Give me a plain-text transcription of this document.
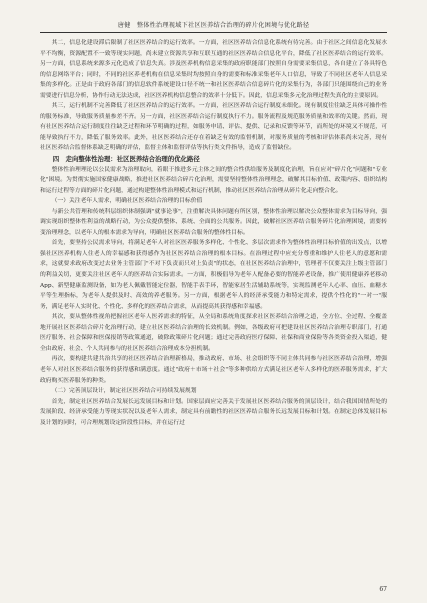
唐健　整体性治理视域下社区医养结合治理的碎片化困境与优化路径

其二，信息化建设滞后限制了社区医养结合的运行效率。一方面，社区医养结合信息化系统有待完善。由于社区之间信息化发展水平不均衡，资源配置不一致等现实问题，尚未建立资源共享和互联互通的社区医养结合信息化平台，降低了社区医养结合的运行效率。另一方面，信息系统来源多元化造成了信息失真。涉及医养机构信息采集的政府职能部门按照自身需要采集信息，各自建立了各具特色的信息网络平台；同时，不同的社区养老机构在信息采集时均按照自身的需要和标准采集老年人口信息，导致了不同社区老年人信息采集的多样化。正是由于政府各部门的信息软件系统建设口径不统一和社区医养结合信息碎片化的采集行为，各部门只能围绕自己的业务需要进行信息分析，协作行动无法达成，社区医养机构信息整合的效率十分低下。因此，信息采集多元化治理过程失真化的主要原因。

其三，运行机制不完善降低了社区医养结合的运行效率。一方面，社区医养结合运行制度未细化。现有制度往往缺乏具体可操作性的服务标准，导致服务质量参差不齐。另一方面，社区医养结合运行制度执行不力。服务流程及规范服务质量和效率的关键。然而，现有社区医养结合运行制度往往缺乏过程和环节明确的过程，如服务申请、评估、提供、记录和反馈等环节，而所处的环境又不规范，可能导致执行不力，降低了服务效率。此外，社区医养结合还存在着缺乏有效的监督机制，对服务质量的考核和评估体系尚未完善，现有社区医养结合监督体系缺乏明确的评估，监督主体和监督评估等执行类文件指导，造成了监督缺位。

四　走向整体性治理：社区医养结合治理的优化路径

整体性治理理论以公民需求为治理取向，着眼于推进多元主体之间的整合性供给服务及制度化治理，旨在应对"碎片化"问题和"专业化"困境。为贯彻实施国家健康战略，推进社区医养结合碎片化治理，需要坚持整体性治理理念，破解其目标价值、政策内容、组织结构和运行过程等方面的碎片化问题，通过构建整体性治理模式和运行机制，推动社区医养结合治理从碎片化走向整合化。

（一）关注老年人需求，明确社区医养结合治理的目标价值

与新公共管理和传统科层组织体制强调"就事论事"，注重解决具体问题有所区别，整体性治理以解决公众整体需求为目标导向，强调实现组织整体性利益的战略行动，为公众提供整体、系统、全面的公共服务。因此，破解社区医养结合服务碎片化治理困境，需要转变治理理念，以老年人的根本需求为导向，明确社区医养结合服务的整体性目标。

首先，要坚持公民需求导向，将满足老年人对社区医养服务多样化、个性化、多层次需求作为整体性治理目标价值的出发点，以增强社区医养机构人住老人的幸福感和获得感作为社区医养结合治理的根本目标。在治理过程中应充分尊重和维护人住老人的意愿和需求，这就要求政府改变过去业务主管部门"不对下负责而只对上负责"的状态，在社区医养结合治理中，管理者不仅要关注上级主管部门的利益关切，更要关注社区老年人的医养结合实际需求。一方面，积极倡导为老年人配备必要的智能养老设备，推广使用健康养老移动App、新型健康监测设备，如为老人佩戴智能定位器，智能手表手环，智能家居生活辅助系统等，实现监测老年人心率、血压、血糖水平等生理指标，为老年人提供及时、高效的养老服务。另一方面，根据老年人的经济承受能力和特定需求，提供个性化的"一对一"服务，满足老年人实时化、个性化、多样化的医养结合需求，从而提高其获得感和幸福感。

其次，要从整体性视角把握社区老年人医养需求的特征，从全局和系统角度探求社区医养结合治理之道，全方位、全过程、全覆盖地开展社区医养结合碎片化治理行动，建立社区医养结合治理的长效机制。例如，各级政府可把建设社区医养结合治理专职部门，打通医疗服务、社会保障和医保报销等政策通道，破除政策碎片化问题；通过完善政府医疗保障、社保和商业保险等各类资金投入渠道，健全由政府、社会、个人共同参与的社区医养结合治理成本分担机制。

再次，要构建共建共治共享的社区医养结合治理新格局，推动政府、市场、社会组织等不同主体共同参与社区医养结合治理，增强老年人对社区医养结合服务的获得感和满意度。通过"政府＋市场＋社会"等多种供给方式满足社区老年人多样化的医养服务需求，扩大政府购买医养服务的种类。

（二）完善顶层设计，制定社区医养结合可持续发展规划

首先，制定社区医养结合发展长远发展目标和计划。国家层面应完善关于发展社区医养结合服务的顶层设计，结合我国国情所处的发展阶段、经济承受能力等现实状况以及老年人需求，制定具有前瞻性的社区医养结合服务长远发展目标和计划。在制定总体发展目标及计划的同时，可合理规划设定阶段性目标，并在运行过

67
